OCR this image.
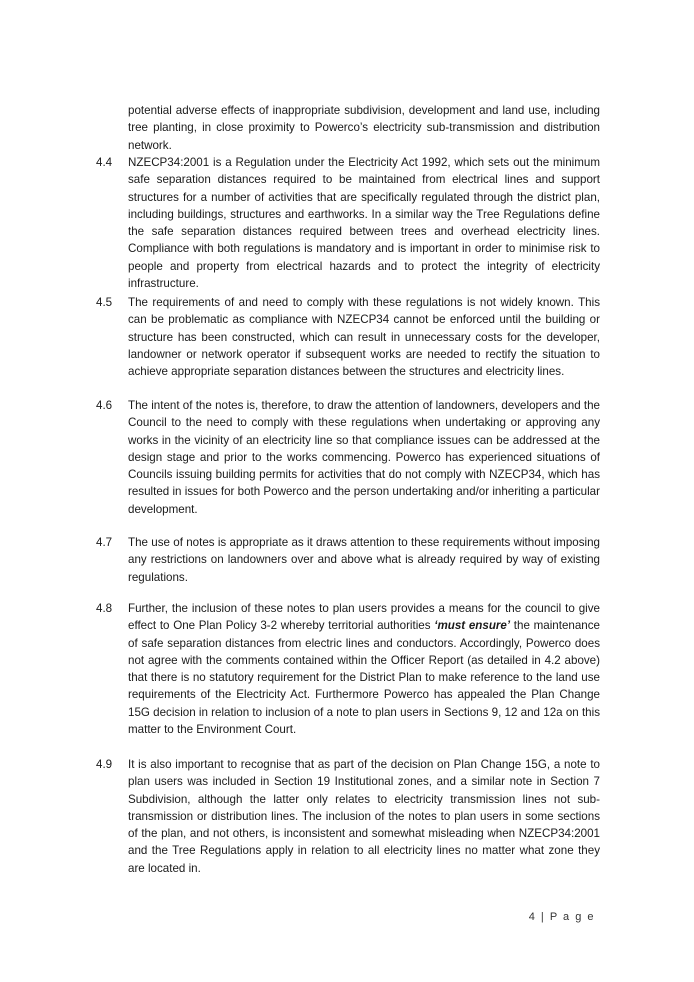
potential adverse effects of inappropriate subdivision, development and land use, including tree planting, in close proximity to Powerco’s electricity sub-transmission and distribution network.

4.4 NZECP34:2001 is a Regulation under the Electricity Act 1992, which sets out the minimum safe separation distances required to be maintained from electrical lines and support structures for a number of activities that are specifically regulated through the district plan, including buildings, structures and earthworks. In a similar way the Tree Regulations define the safe separation distances required between trees and overhead electricity lines. Compliance with both regulations is mandatory and is important in order to minimise risk to people and property from electrical hazards and to protect the integrity of electricity infrastructure.

4.5 The requirements of and need to comply with these regulations is not widely known. This can be problematic as compliance with NZECP34 cannot be enforced until the building or structure has been constructed, which can result in unnecessary costs for the developer, landowner or network operator if subsequent works are needed to rectify the situation to achieve appropriate separation distances between the structures and electricity lines.

4.6 The intent of the notes is, therefore, to draw the attention of landowners, developers and the Council to the need to comply with these regulations when undertaking or approving any works in the vicinity of an electricity line so that compliance issues can be addressed at the design stage and prior to the works commencing. Powerco has experienced situations of Councils issuing building permits for activities that do not comply with NZECP34, which has resulted in issues for both Powerco and the person undertaking and/or inheriting a particular development.

4.7 The use of notes is appropriate as it draws attention to these requirements without imposing any restrictions on landowners over and above what is already required by way of existing regulations.

4.8 Further, the inclusion of these notes to plan users provides a means for the council to give effect to One Plan Policy 3-2 whereby territorial authorities ‘must ensure’ the maintenance of safe separation distances from electric lines and conductors. Accordingly, Powerco does not agree with the comments contained within the Officer Report (as detailed in 4.2 above) that there is no statutory requirement for the District Plan to make reference to the land use requirements of the Electricity Act. Furthermore Powerco has appealed the Plan Change 15G decision in relation to inclusion of a note to plan users in Sections 9, 12 and 12a on this matter to the Environment Court.

4.9 It is also important to recognise that as part of the decision on Plan Change 15G, a note to plan users was included in Section 19 Institutional zones, and a similar note in Section 7 Subdivision, although the latter only relates to electricity transmission lines not sub-transmission or distribution lines. The inclusion of the notes to plan users in some sections of the plan, and not others, is inconsistent and somewhat misleading when NZECP34:2001 and the Tree Regulations apply in relation to all electricity lines no matter what zone they are located in.

4 | P a g e
